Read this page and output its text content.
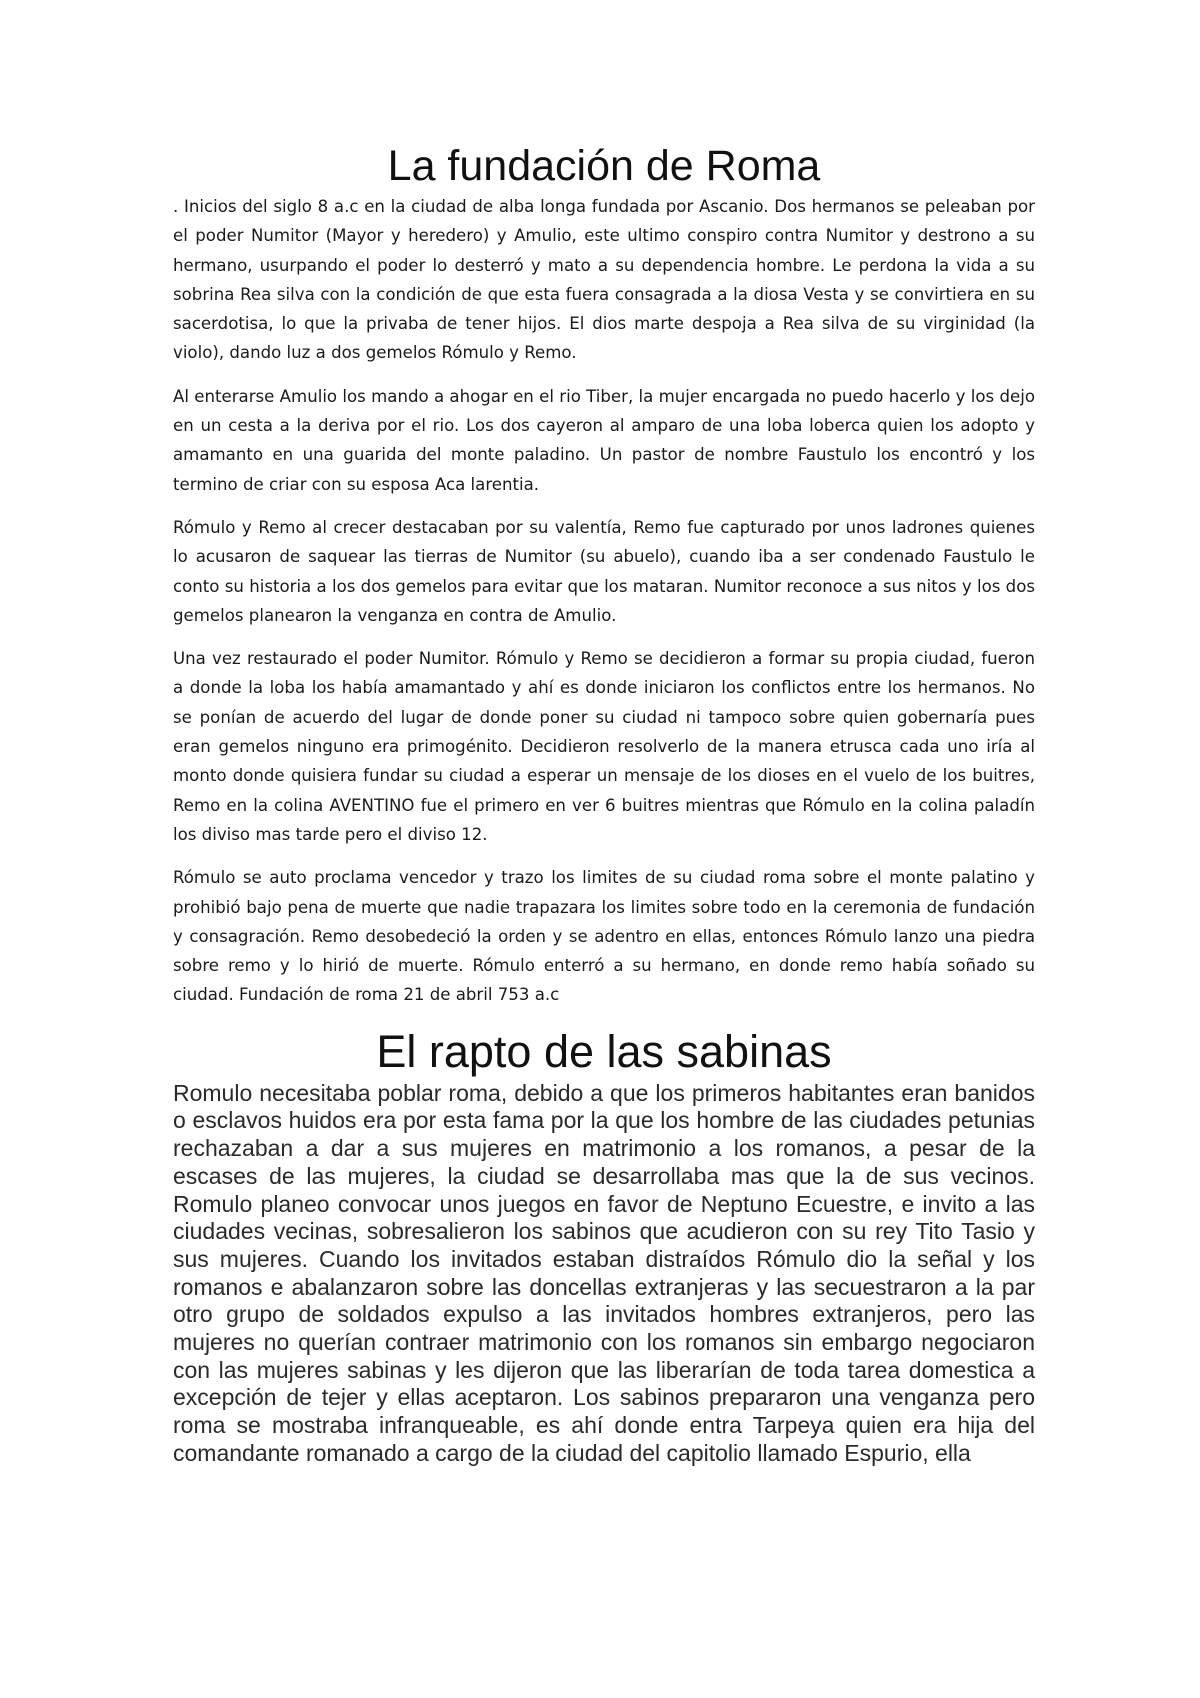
La fundación de Roma

. Inicios del siglo 8 a.c en la ciudad de alba longa fundada por Ascanio. Dos hermanos se peleaban por el poder Numitor (Mayor y heredero) y Amulio, este ultimo conspiro contra Numitor y destrono a su hermano, usurpando el poder lo desterró y mato a su dependencia hombre. Le perdona la vida a su sobrina Rea silva con la condición de que esta fuera consagrada a la diosa Vesta y se convirtiera en su sacerdotisa, lo que la privaba de tener hijos. El dios marte despoja a Rea silva de su virginidad (la violo), dando luz a dos gemelos Rómulo y Remo.

Al enterarse Amulio los mando a ahogar en el rio Tiber, la mujer encargada no puedo hacerlo y los dejo en un cesta a la deriva por el rio. Los dos cayeron al amparo de una loba loberca quien los adopto y amamanto en una guarida del monte paladino. Un pastor de nombre Faustulo los encontró y los termino de criar con su esposa Aca larentia.

Rómulo y Remo al crecer destacaban por su valentía, Remo fue capturado por unos ladrones quienes lo acusaron de saquear las tierras de Numitor (su abuelo), cuando iba a ser condenado Faustulo le conto su historia a los dos gemelos para evitar que los mataran. Numitor reconoce a sus nitos y los dos gemelos planearon la venganza en contra de Amulio.

Una vez restaurado el poder Numitor. Rómulo y Remo se decidieron a formar su propia ciudad, fueron a donde la loba los había amamantado y ahí es donde iniciaron los conflictos entre los hermanos. No se ponían de acuerdo del lugar de donde poner su ciudad ni tampoco sobre quien gobernaría pues eran gemelos ninguno era primogénito. Decidieron resolverlo de la manera etrusca cada uno iría al monto donde quisiera fundar su ciudad a esperar un mensaje de los dioses en el vuelo de los buitres, Remo en la colina AVENTINO fue el primero en ver 6 buitres mientras que Rómulo en la colina paladín los diviso mas tarde pero el diviso 12.

Rómulo se auto proclama vencedor y trazo los limites de su ciudad roma sobre el monte palatino y prohibió bajo pena de muerte que nadie trapazara los limites sobre todo en la ceremonia de fundación y consagración. Remo desobedeció la orden y se adentro en ellas, entonces Rómulo lanzo una piedra sobre remo y lo hirió de muerte. Rómulo enterró a su hermano, en donde remo había soñado su ciudad. Fundación de roma 21 de abril 753 a.c

El rapto de las sabinas

Romulo necesitaba poblar roma, debido a que los primeros habitantes eran banidos o esclavos huidos era por esta fama por la que los hombre de las ciudades petunias rechazaban a dar a sus mujeres en matrimonio a los romanos, a pesar de la escases de las mujeres, la ciudad se desarrollaba mas que la de sus vecinos. Romulo planeo convocar unos juegos en favor de Neptuno Ecuestre, e invito a las ciudades vecinas, sobresalieron los sabinos que acudieron con su rey Tito Tasio y sus mujeres. Cuando los invitados estaban distraídos Rómulo dio la señal y los romanos e abalanzaron sobre las doncellas extranjeras y las secuestraron a la par otro grupo de soldados expulso a las invitados hombres extranjeros, pero las mujeres no querían contraer matrimonio con los romanos sin embargo negociaron con las mujeres sabinas y les dijeron que las liberarían de toda tarea domestica a excepción de tejer y ellas aceptaron. Los sabinos prepararon una venganza pero roma se mostraba infranqueable, es ahí donde entra Tarpeya quien era hija del comandante romanado a cargo de la ciudad del capitolio llamado Espurio, ella
